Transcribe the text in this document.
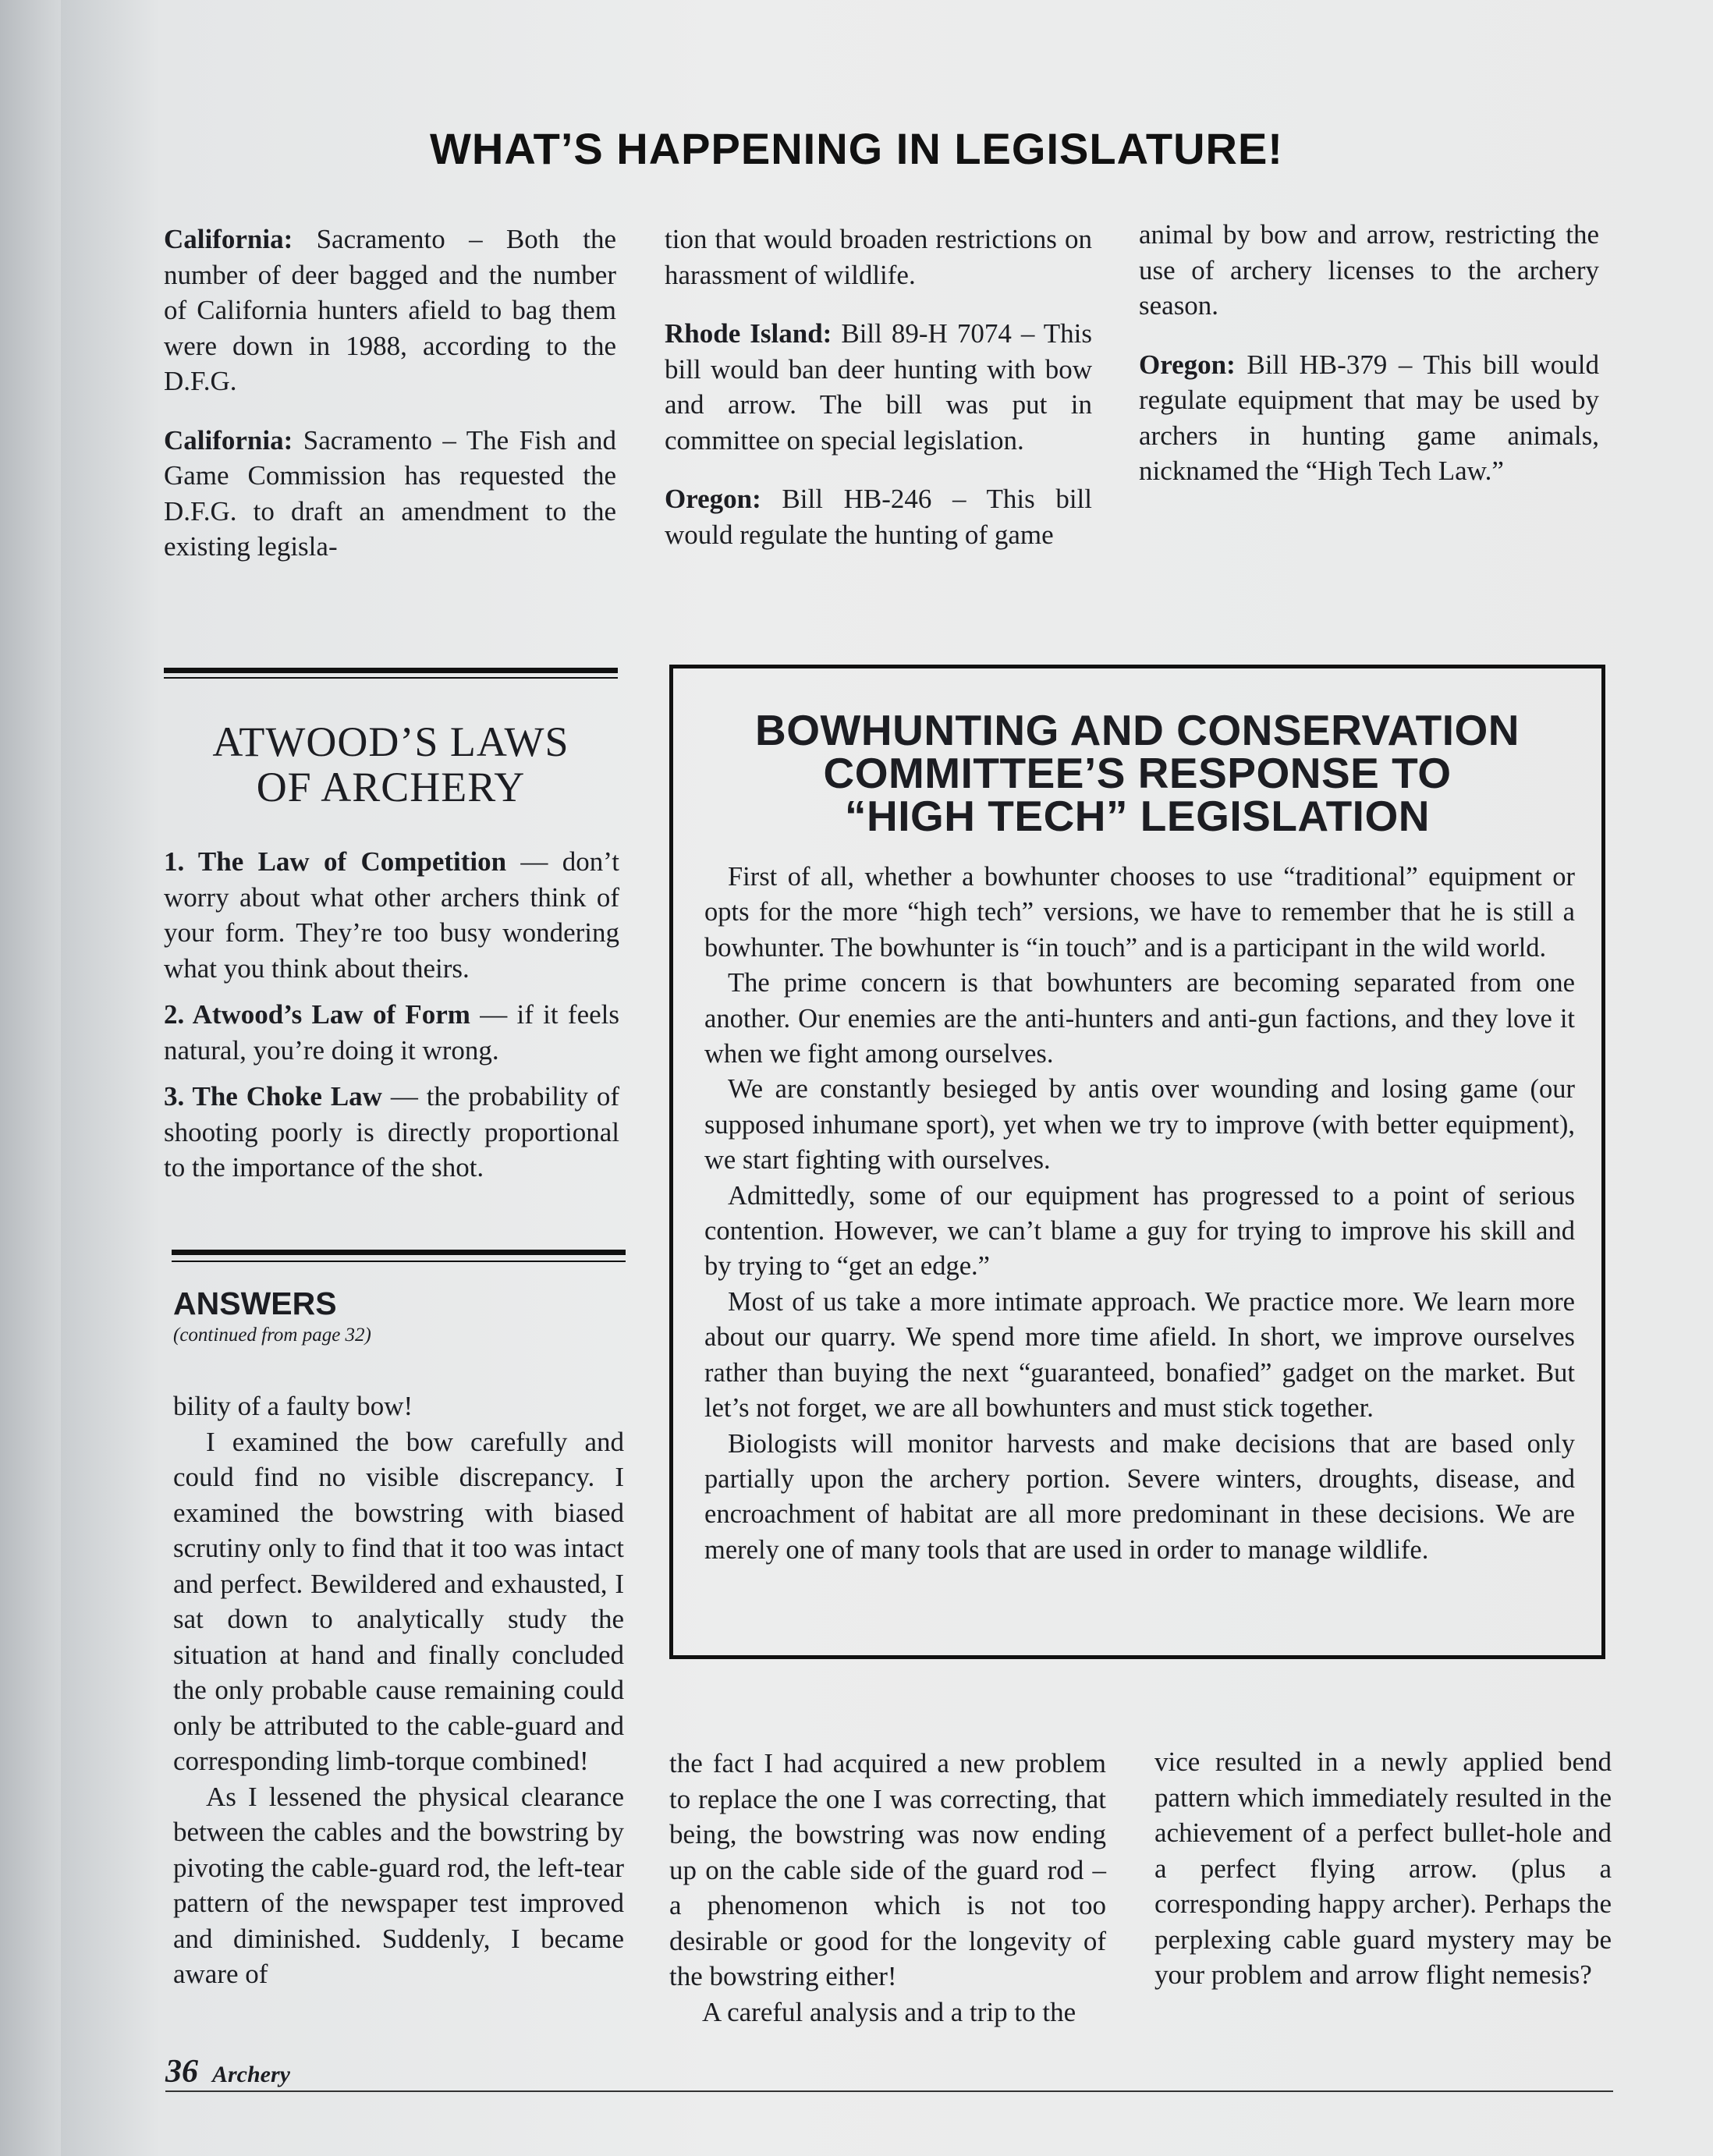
WHAT’S HAPPENING IN LEGISLATURE!

California: Sacramento – Both the number of deer bagged and the number of California hunters afield to bag them were down in 1988, according to the D.F.G.

California: Sacramento – The Fish and Game Commission has requested the D.F.G. to draft an amendment to the existing legisla-

tion that would broaden restrictions on harassment of wildlife.

Rhode Island: Bill 89-H 7074 – This bill would ban deer hunting with bow and arrow. The bill was put in committee on special legislation.

Oregon: Bill HB-246 – This bill would regulate the hunting of game

animal by bow and arrow, restricting the use of archery licenses to the archery season.

Oregon: Bill HB-379 – This bill would regulate equipment that may be used by archers in hunting game animals, nicknamed the “High Tech Law.”

ATWOOD’S LAWS
OF ARCHERY

1. The Law of Competition — don’t worry about what other archers think of your form. They’re too busy wondering what you think about theirs.

2. Atwood’s Law of Form — if it feels natural, you’re doing it wrong.

3. The Choke Law — the probability of shooting poorly is directly proportional to the importance of the shot.

ANSWERS
(continued from page 32)

bility of a faulty bow!

I examined the bow carefully and could find no visible discrepancy. I examined the bowstring with biased scrutiny only to find that it too was intact and perfect. Bewildered and exhausted, I sat down to analytically study the situation at hand and finally concluded the only probable cause remaining could only be attributed to the cable-guard and corresponding limb-torque combined!

As I lessened the physical clearance between the cables and the bowstring by pivoting the cable-guard rod, the left-tear pattern of the newspaper test improved and diminished. Suddenly, I became aware of

the fact I had acquired a new problem to replace the one I was correcting, that being, the bowstring was now ending up on the cable side of the guard rod – a phenomenon which is not too desirable or good for the longevity of the bowstring either!

A careful analysis and a trip to the

vice resulted in a newly applied bend pattern which immediately resulted in the achievement of a perfect bullet-hole and a perfect flying arrow. (plus a corresponding happy archer). Perhaps the perplexing cable guard mystery may be your problem and arrow flight nemesis?

BOWHUNTING AND CONSERVATION
COMMITTEE’S RESPONSE TO
“HIGH TECH” LEGISLATION

First of all, whether a bowhunter chooses to use “traditional” equipment or opts for the more “high tech” versions, we have to remember that he is still a bowhunter. The bowhunter is “in touch” and is a participant in the wild world.

The prime concern is that bowhunters are becoming separated from one another. Our enemies are the anti-hunters and anti-gun factions, and they love it when we fight among ourselves.

We are constantly besieged by antis over wounding and losing game (our supposed inhumane sport), yet when we try to improve (with better equipment), we start fighting with ourselves.

Admittedly, some of our equipment has progressed to a point of serious contention. However, we can’t blame a guy for trying to improve his skill and by trying to “get an edge.”

Most of us take a more intimate approach. We practice more. We learn more about our quarry. We spend more time afield. In short, we improve ourselves rather than buying the next “guaranteed, bonafied” gadget on the market. But let’s not forget, we are all bowhunters and must stick together.

Biologists will monitor harvests and make decisions that are based only partially upon the archery portion. Severe winters, droughts, disease, and encroachment of habitat are all more predominant in these decisions. We are merely one of many tools that are used in order to manage wildlife.

36 Archery
